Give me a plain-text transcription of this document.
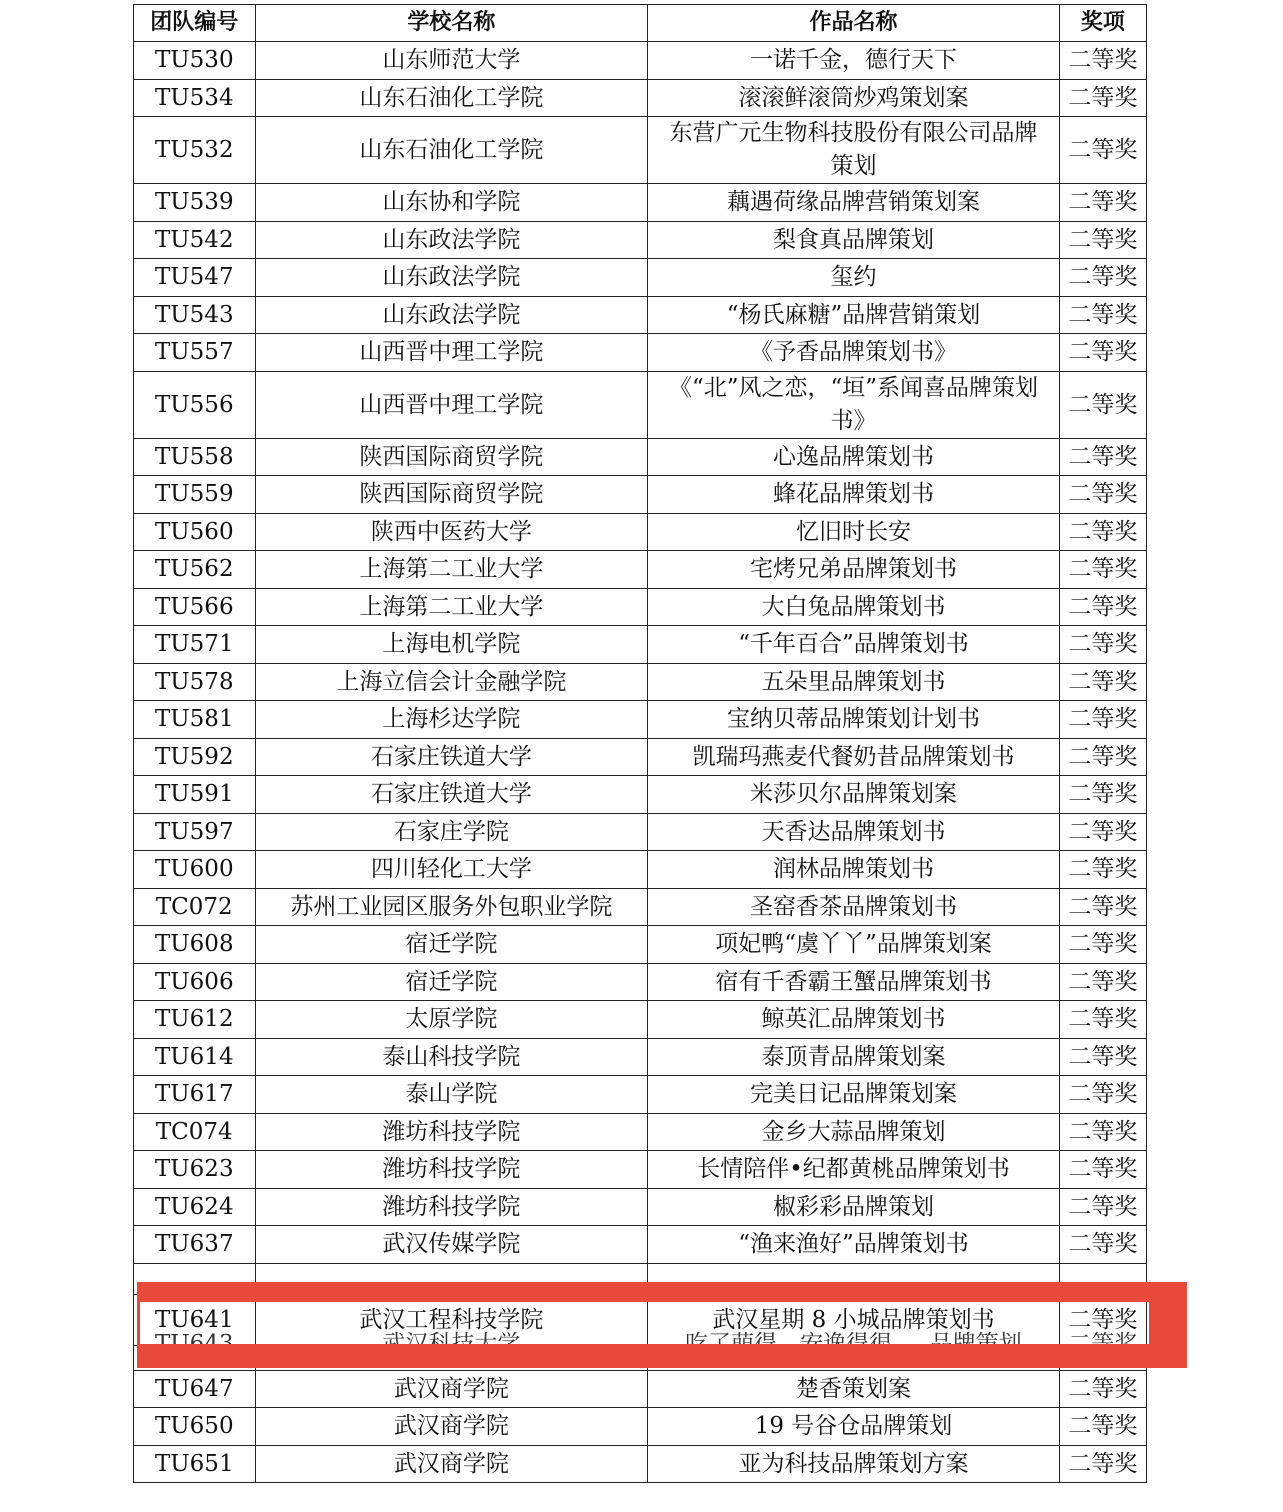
团队编号	学校名称	作品名称	奖项
TU530	山东师范大学	一诺千金，德行天下	二等奖
TU534	山东石油化工学院	滚滚鲜滚筒炒鸡策划案	二等奖
TU532	山东石油化工学院	东营广元生物科技股份有限公司品牌策划	二等奖
TU539	山东协和学院	藕遇荷缘品牌营销策划案	二等奖
TU542	山东政法学院	梨食真品牌策划	二等奖
TU547	山东政法学院	玺约	二等奖
TU543	山东政法学院	“杨氏麻糖”品牌营销策划	二等奖
TU557	山西晋中理工学院	《予香品牌策划书》	二等奖
TU556	山西晋中理工学院	《“北”风之恋，“垣”系闻喜品牌策划书》	二等奖
TU558	陕西国际商贸学院	心逸品牌策划书	二等奖
TU559	陕西国际商贸学院	蜂花品牌策划书	二等奖
TU560	陕西中医药大学	忆旧时长安	二等奖
TU562	上海第二工业大学	宅烤兄弟品牌策划书	二等奖
TU566	上海第二工业大学	大白兔品牌策划书	二等奖
TU571	上海电机学院	“千年百合”品牌策划书	二等奖
TU578	上海立信会计金融学院	五朵里品牌策划书	二等奖
TU581	上海杉达学院	宝纳贝蒂品牌策划计划书	二等奖
TU592	石家庄铁道大学	凯瑞玛燕麦代餐奶昔品牌策划书	二等奖
TU591	石家庄铁道大学	米莎贝尔品牌策划案	二等奖
TU597	石家庄学院	天香达品牌策划书	二等奖
TU600	四川轻化工大学	润林品牌策划书	二等奖
TC072	苏州工业园区服务外包职业学院	圣窑香茶品牌策划书	二等奖
TU608	宿迁学院	项妃鸭“虞丫丫”品牌策划案	二等奖
TU606	宿迁学院	宿有千香霸王蟹品牌策划书	二等奖
TU612	太原学院	鲸英汇品牌策划书	二等奖
TU614	泰山科技学院	泰顶青品牌策划案	二等奖
TU617	泰山学院	完美日记品牌策划案	二等奖
TC074	潍坊科技学院	金乡大蒜品牌策划	二等奖
TU623	潍坊科技学院	长情陪伴•纪都黄桃品牌策划书	二等奖
TU624	潍坊科技学院	椒彩彩品牌策划	二等奖
TU637	武汉传媒学院	“渔来渔好”品牌策划书	二等奖

TU641	武汉工程科技学院	武汉星期 8 小城品牌策划书	二等奖
TU643	武汉科技大学	吃了萌得，安逸得很 — 品牌策划	二等奖
TU647	武汉商学院	楚香策划案	二等奖
TU650	武汉商学院	19 号谷仓品牌策划	二等奖
TU651	武汉商学院	亚为科技品牌策划方案	二等奖
